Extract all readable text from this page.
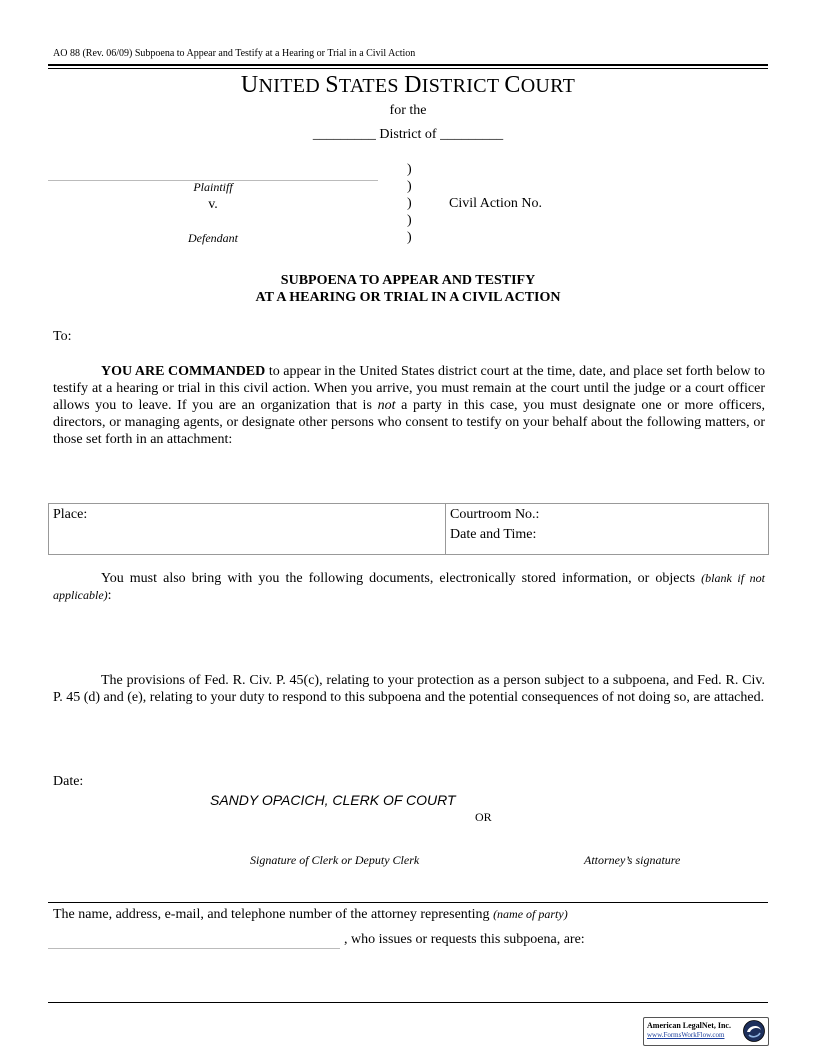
AO 88 (Rev. 06/09) Subpoena to Appear and Testify at a Hearing or Trial in a Civil Action
UNITED STATES DISTRICT COURT
for the
_________ District of _________
)
)
)
)
)
Plaintiff
v.
Defendant
Civil Action No.
SUBPOENA TO APPEAR AND TESTIFY
AT A HEARING OR TRIAL IN A CIVIL ACTION
To:
YOU ARE COMMANDED to appear in the United States district court at the time, date, and place set forth below to testify at a hearing or trial in this civil action. When you arrive, you must remain at the court until the judge or a court officer allows you to leave. If you are an organization that is not a party in this case, you must designate one or more officers, directors, or managing agents, or designate other persons who consent to testify on your behalf about the following matters, or those set forth in an attachment:
Place:	Courtroom No.:
Date and Time:
You must also bring with you the following documents, electronically stored information, or objects (blank if not applicable):
The provisions of Fed. R. Civ. P. 45(c), relating to your protection as a person subject to a subpoena, and Fed. R. Civ. P. 45 (d) and (e), relating to your duty to respond to this subpoena and the potential consequences of not doing so, are attached.
Date:
SANDY OPACICH, CLERK OF COURT
OR
Signature of Clerk or Deputy Clerk	Attorney’s signature
The name, address, e-mail, and telephone number of the attorney representing (name of party)
, who issues or requests this subpoena, are:
American LegalNet, Inc.
www.FormsWorkFlow.com
